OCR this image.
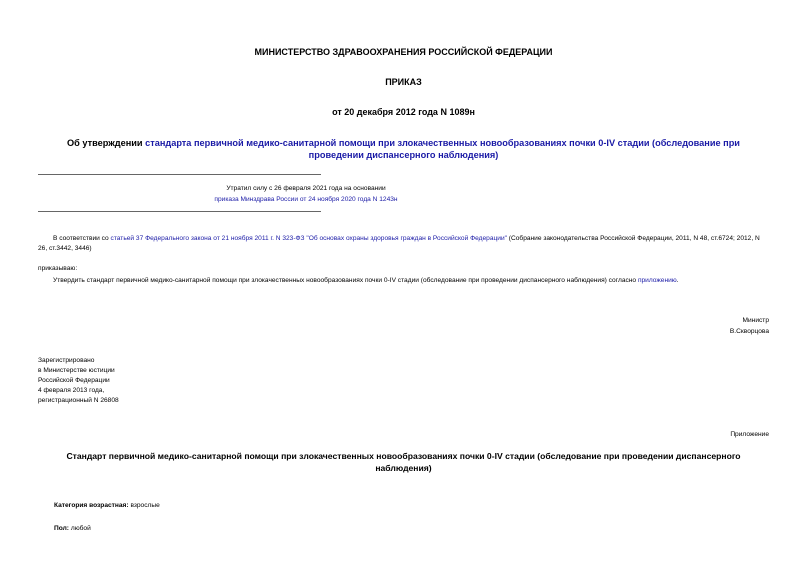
МИНИСТЕРСТВО ЗДРАВООХРАНЕНИЯ РОССИЙСКОЙ ФЕДЕРАЦИИ
ПРИКАЗ
от 20 декабря 2012 года N 1089н
Об утверждении стандарта первичной медико-санитарной помощи при злокачественных новообразованиях почки 0-IV стадии (обследование при проведении диспансерного наблюдения)
Утратил силу с 26 февраля 2021 года на основании
приказа Минздрава России от 24 ноября 2020 года N 1243н
В соответствии со статьей 37 Федерального закона от 21 ноября 2011 г. N 323-ФЗ "Об основах охраны здоровья граждан в Российской Федерации" (Собрание законодательства Российской Федерации, 2011, N 48, ст.6724; 2012, N 26, ст.3442, 3446)
приказываю:
Утвердить стандарт первичной медико-санитарной помощи при злокачественных новообразованиях почки 0-IV стадии (обследование при проведении диспансерного наблюдения) согласно приложению.
Министр
В.Скворцова
Зарегистрировано
в Министерстве юстиции
Российской Федерации
4 февраля 2013 года,
регистрационный N 26808
Приложение
Стандарт первичной медико-санитарной помощи при злокачественных новообразованиях почки 0-IV стадии (обследование при проведении диспансерного наблюдения)
Категория возрастная: взрослые
Пол: любой
